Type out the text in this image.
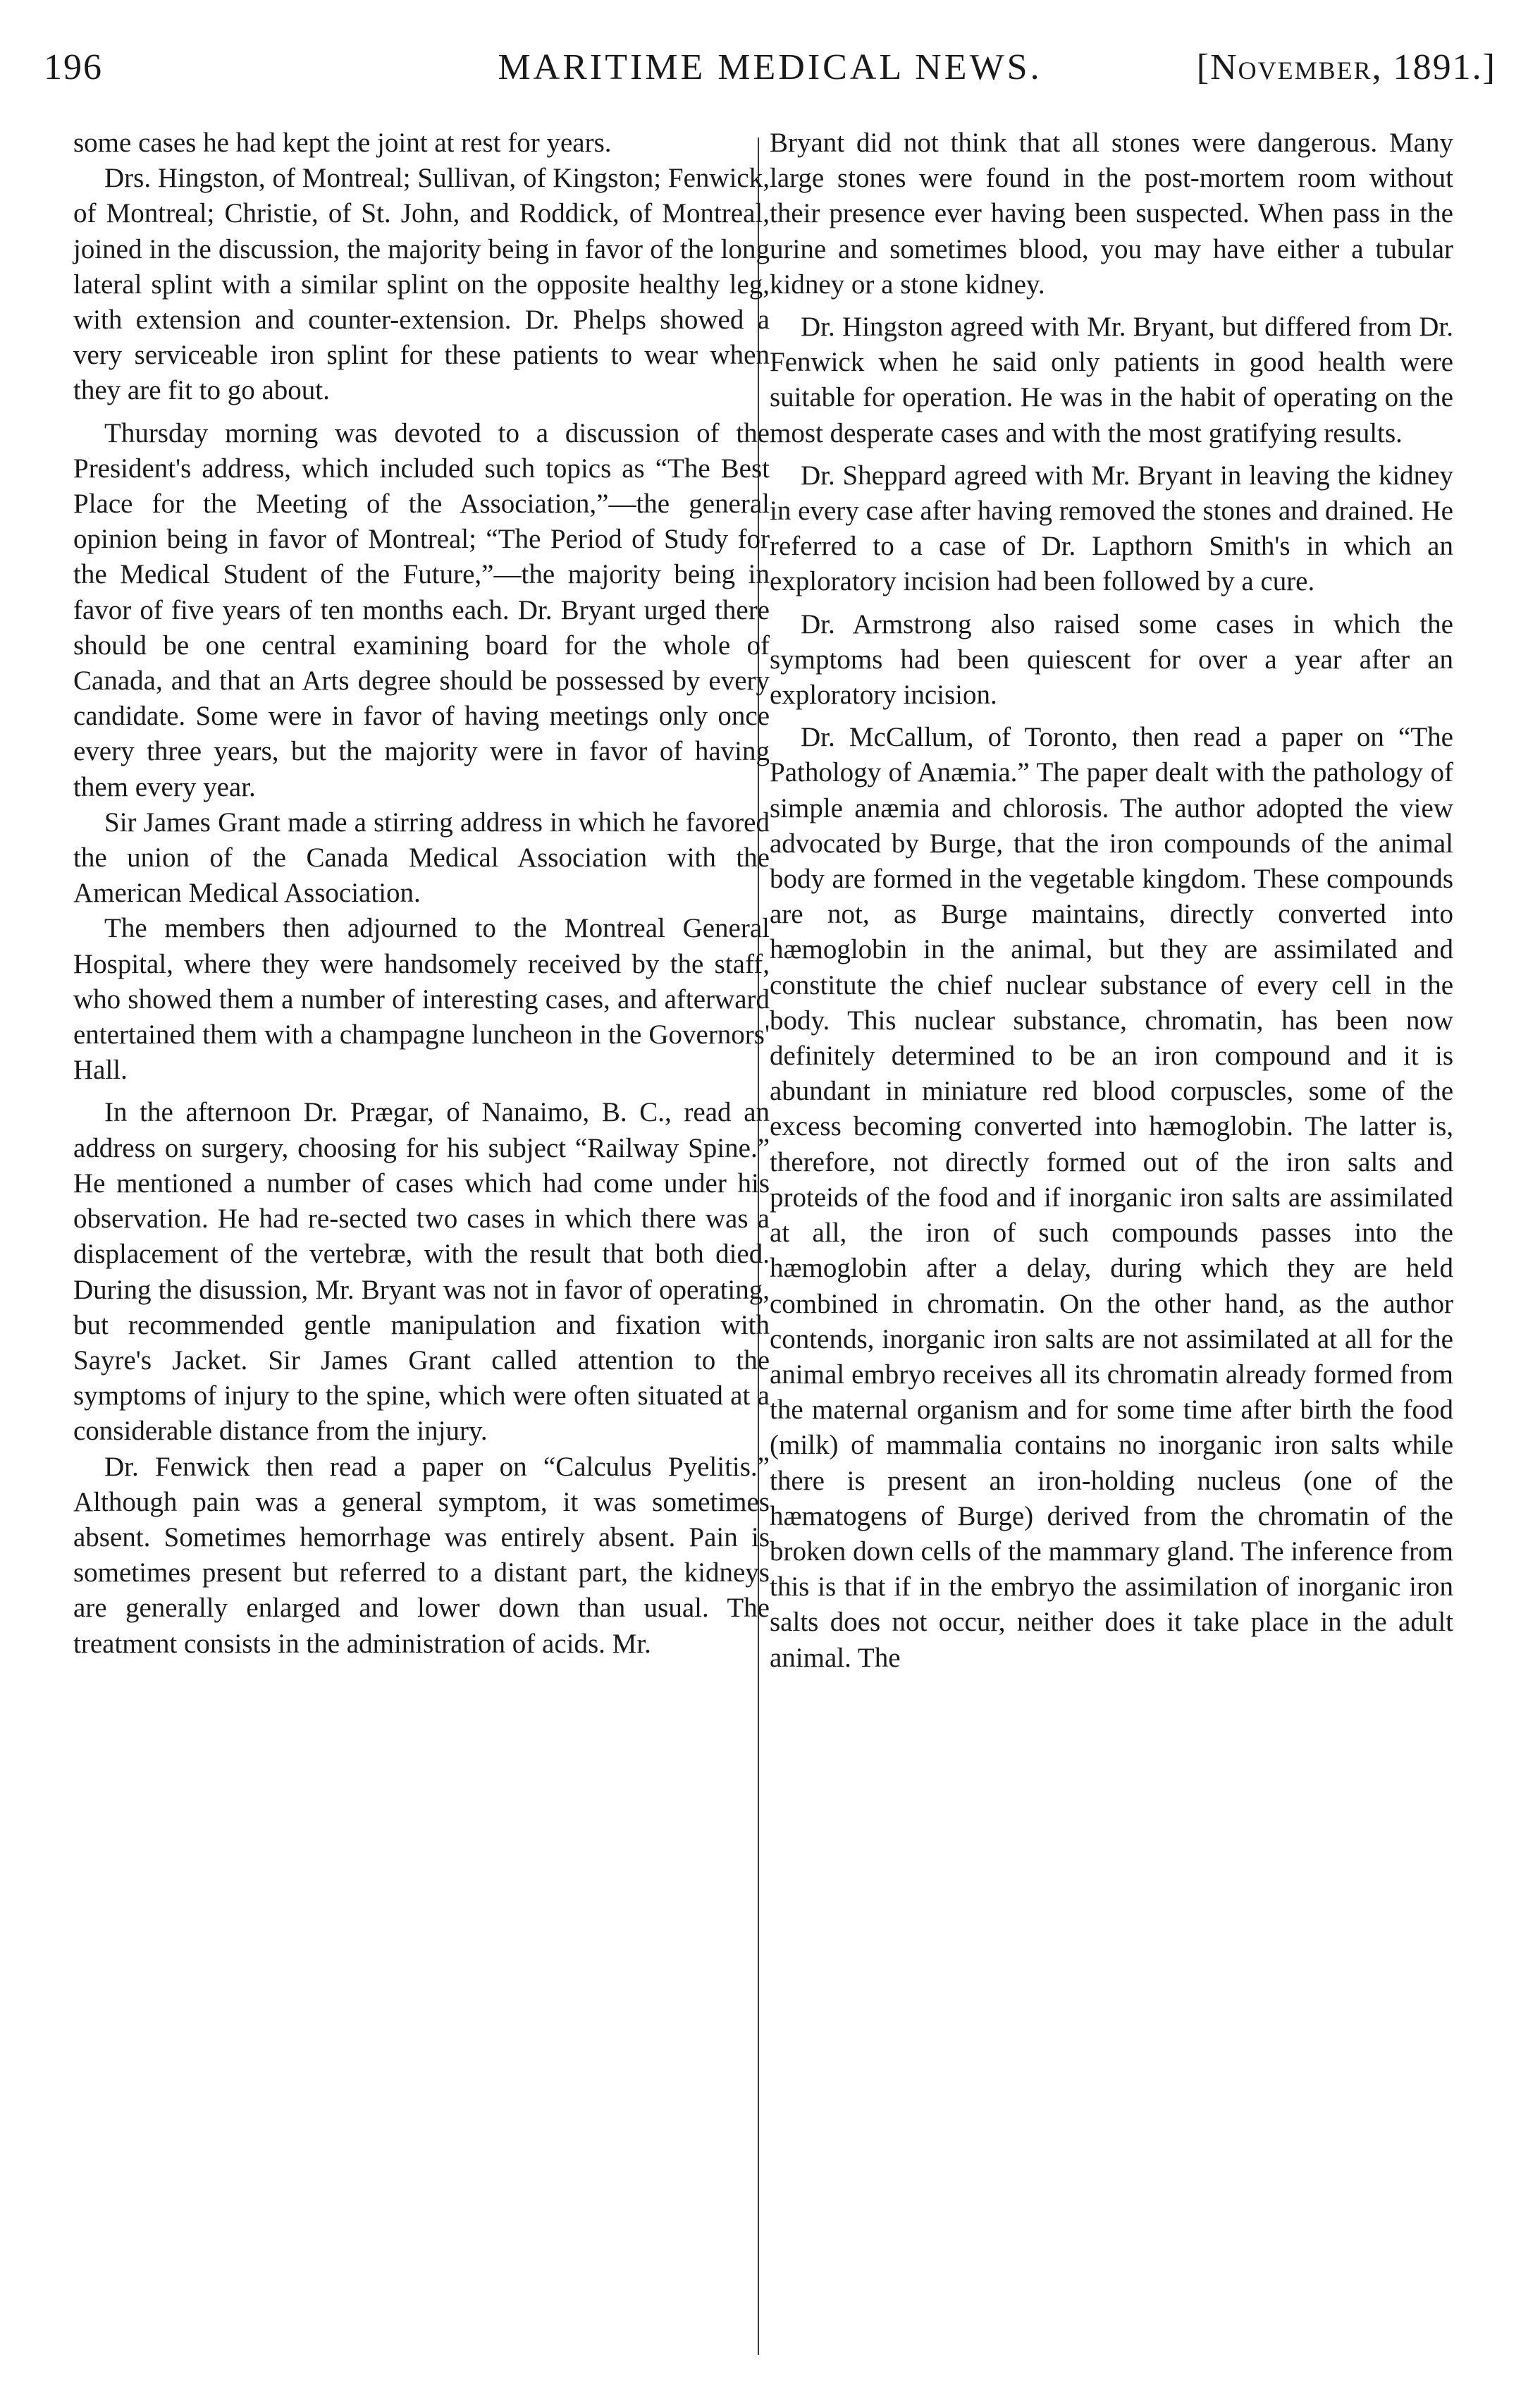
196	MARITIME MEDICAL NEWS.	[November, 1891.]

some cases he had kept the joint at rest for years.

Drs. Hingston, of Montreal; Sullivan, of Kingston; Fenwick, of Montreal; Christie, of St. John, and Roddick, of Montreal, joined in the discussion, the majority being in favor of the long lateral splint with a similar splint on the opposite healthy leg, with extension and counter-extension. Dr. Phelps showed a very serviceable iron splint for these patients to wear when they are fit to go about.

Thursday morning was devoted to a discussion of the President's address, which included such topics as “The Best Place for the Meeting of the Association,”—the general opinion being in favor of Montreal; “The Period of Study for the Medical Student of the Future,”—the majority being in favor of five years of ten months each. Dr. Bryant urged there should be one central examining board for the whole of Canada, and that an Arts degree should be possessed by every candidate. Some were in favor of having meetings only once every three years, but the majority were in favor of having them every year.

Sir James Grant made a stirring address in which he favored the union of the Canada Medical Association with the American Medical Association.

The members then adjourned to the Montreal General Hospital, where they were handsomely received by the staff, who showed them a number of interesting cases, and afterward entertained them with a champagne luncheon in the Governors' Hall.

In the afternoon Dr. Prægar, of Nanaimo, B. C., read an address on surgery, choosing for his subject “Railway Spine.” He mentioned a number of cases which had come under his observation. He had re-sected two cases in which there was a displacement of the vertebræ, with the result that both died. During the disussion, Mr. Bryant was not in favor of operating, but recommended gentle manipulation and fixation with Sayre's Jacket. Sir James Grant called attention to the symptoms of injury to the spine, which were often situated at a considerable distance from the injury.

Dr. Fenwick then read a paper on “Calculus Pyelitis.” Although pain was a general symptom, it was sometimes absent. Sometimes hemorrhage was entirely absent. Pain is sometimes present but referred to a distant part, the kidneys are generally enlarged and lower down than usual. The treatment consists in the administration of acids. Mr.

Bryant did not think that all stones were dangerous. Many large stones were found in the post-mortem room without their presence ever having been suspected. When pass in the urine and sometimes blood, you may have either a tubular kidney or a stone kidney.

Dr. Hingston agreed with Mr. Bryant, but differed from Dr. Fenwick when he said only patients in good health were suitable for operation. He was in the habit of operating on the most desperate cases and with the most gratifying results.

Dr. Sheppard agreed with Mr. Bryant in leaving the kidney in every case after having removed the stones and drained. He referred to a case of Dr. Lapthorn Smith's in which an exploratory incision had been followed by a cure.

Dr. Armstrong also raised some cases in which the symptoms had been quiescent for over a year after an exploratory incision.

Dr. McCallum, of Toronto, then read a paper on “The Pathology of Anæmia.” The paper dealt with the pathology of simple anæmia and chlorosis. The author adopted the view advocated by Burge, that the iron compounds of the animal body are formed in the vegetable kingdom. These compounds are not, as Burge maintains, directly converted into hæmoglobin in the animal, but they are assimilated and constitute the chief nuclear substance of every cell in the body. This nuclear substance, chromatin, has been now definitely determined to be an iron compound and it is abundant in miniature red blood corpuscles, some of the excess becoming converted into hæmoglobin. The latter is, therefore, not directly formed out of the iron salts and proteids of the food and if inorganic iron salts are assimilated at all, the iron of such compounds passes into the hæmoglobin after a delay, during which they are held combined in chromatin. On the other hand, as the author contends, inorganic iron salts are not assimilated at all for the animal embryo receives all its chromatin already formed from the maternal organism and for some time after birth the food (milk) of mammalia contains no inorganic iron salts while there is present an iron-holding nucleus (one of the hæmatogens of Burge) derived from the chromatin of the broken down cells of the mammary gland. The inference from this is that if in the embryo the assimilation of inorganic iron salts does not occur, neither does it take place in the adult animal. The
